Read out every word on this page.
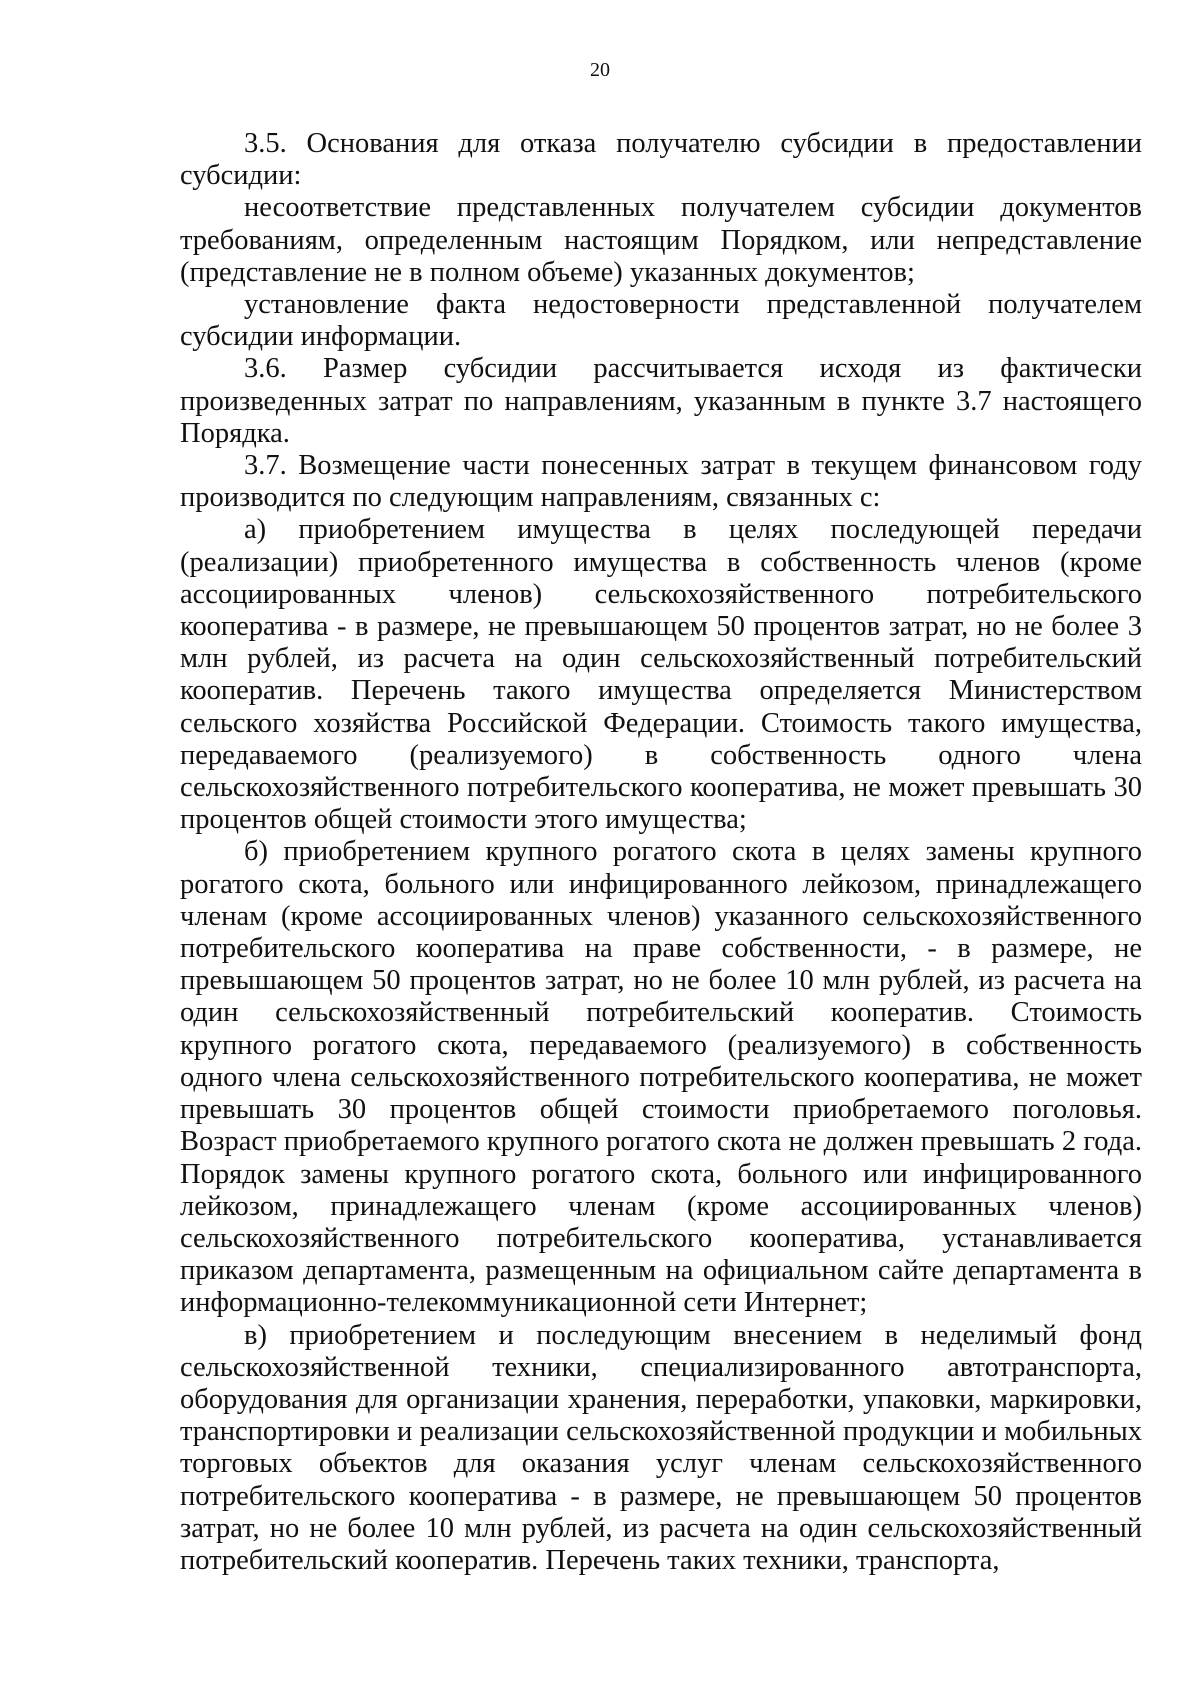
20

3.5. Основания для отказа получателю субсидии в предоставлении субсидии:

несоответствие представленных получателем субсидии документов требованиям, определенным настоящим Порядком, или непредставление (представление не в полном объеме) указанных документов;

установление факта недостоверности представленной получателем субсидии информации.

3.6. Размер субсидии рассчитывается исходя из фактически произведенных затрат по направлениям, указанным в пункте 3.7 настоящего Порядка.

3.7. Возмещение части понесенных затрат в текущем финансовом году производится по следующим направлениям, связанных с:

а) приобретением имущества в целях последующей передачи (реализации) приобретенного имущества в собственность членов (кроме ассоциированных членов) сельскохозяйственного потребительского кооператива - в размере, не превышающем 50 процентов затрат, но не более 3 млн рублей, из расчета на один сельскохозяйственный потребительский кооператив. Перечень такого имущества определяется Министерством сельского хозяйства Российской Федерации. Стоимость такого имущества, передаваемого (реализуемого) в собственность одного члена сельскохозяйственного потребительского кооператива, не может превышать 30 процентов общей стоимости этого имущества;

б) приобретением крупного рогатого скота в целях замены крупного рогатого скота, больного или инфицированного лейкозом, принадлежащего членам (кроме ассоциированных членов) указанного сельскохозяйственного потребительского кооператива на праве собственности, - в размере, не превышающем 50 процентов затрат, но не более 10 млн рублей, из расчета на один сельскохозяйственный потребительский кооператив. Стоимость крупного рогатого скота, передаваемого (реализуемого) в собственность одного члена сельскохозяйственного потребительского кооператива, не может превышать 30 процентов общей стоимости приобретаемого поголовья. Возраст приобретаемого крупного рогатого скота не должен превышать 2 года. Порядок замены крупного рогатого скота, больного или инфицированного лейкозом, принадлежащего членам (кроме ассоциированных членов) сельскохозяйственного потребительского кооператива, устанавливается приказом департамента, размещенным на официальном сайте департамента в информационно-телекоммуникационной сети Интернет;

в) приобретением и последующим внесением в неделимый фонд сельскохозяйственной техники, специализированного автотранспорта, оборудования для организации хранения, переработки, упаковки, маркировки, транспортировки и реализации сельскохозяйственной продукции и мобильных торговых объектов для оказания услуг членам сельскохозяйственного потребительского кооператива - в размере, не превышающем 50 процентов затрат, но не более 10 млн рублей, из расчета на один сельскохозяйственный потребительский кооператив. Перечень таких техники, транспорта,
